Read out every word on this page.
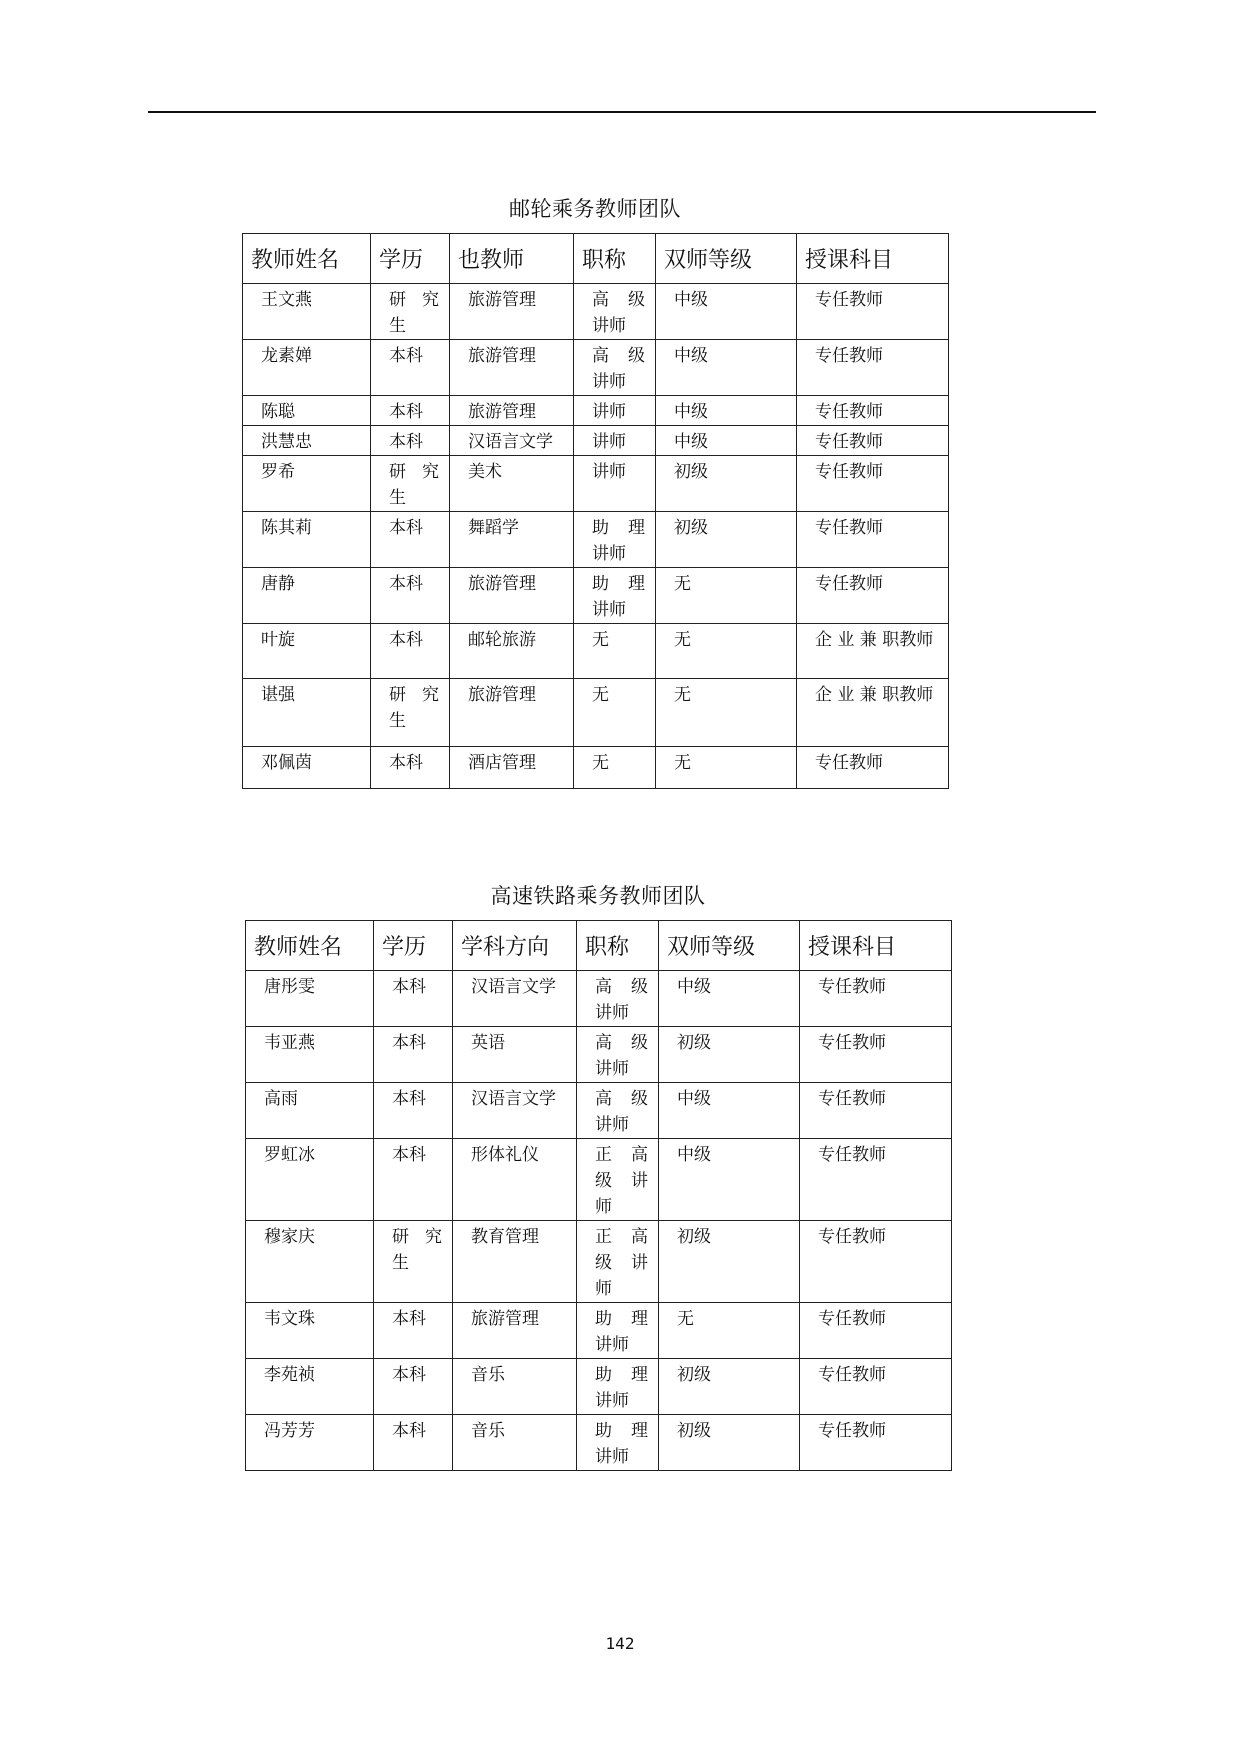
邮轮乘务教师团队
教师姓名	学历	也教师	职称	双师等级	授课科目
王文燕	研 究生	旅游管理	高 级讲师	中级	专任教师
龙素婵	本科	旅游管理	高 级讲师	中级	专任教师
陈聪	本科	旅游管理	讲师	中级	专任教师
洪慧忠	本科	汉语言文学	讲师	中级	专任教师
罗希	研 究生	美术	讲师	初级	专任教师
陈其莉	本科	舞蹈学	助 理讲师	初级	专任教师
唐静	本科	旅游管理	助 理讲师	无	专任教师
叶旋	本科	邮轮旅游	无	无	企 业 兼 职教师
谌强	研 究生	旅游管理	无	无	企 业 兼 职教师
邓佩茵	本科	酒店管理	无	无	专任教师
高速铁路乘务教师团队
教师姓名	学历	学科方向	职称	双师等级	授课科目
唐彤雯	本科	汉语言文学	高 级讲师	中级	专任教师
韦亚燕	本科	英语	高 级讲师	初级	专任教师
高雨	本科	汉语言文学	高 级讲师	中级	专任教师
罗虹冰	本科	形体礼仪	正 高级 讲师	中级	专任教师
穆家庆	研 究生	教育管理	正 高级 讲师	初级	专任教师
韦文珠	本科	旅游管理	助 理讲师	无	专任教师
李苑祯	本科	音乐	助 理讲师	初级	专任教师
冯芳芳	本科	音乐	助 理讲师	初级	专任教师
142
